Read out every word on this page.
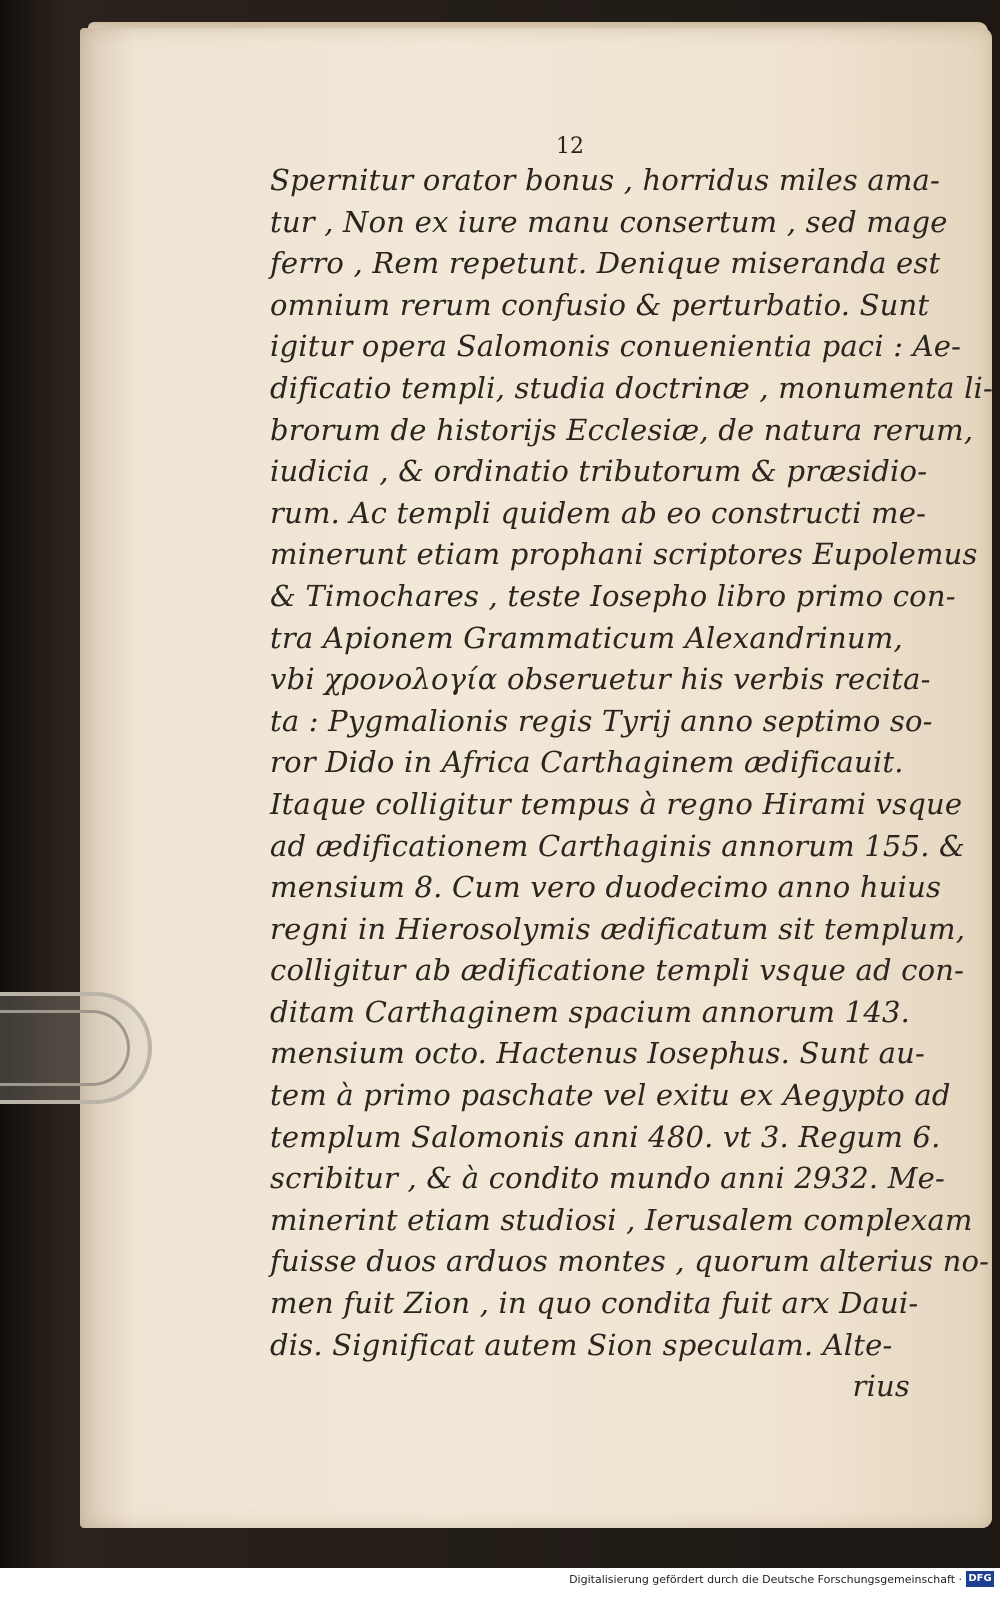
12
Spernitur orator bonus , horridus miles ama-
tur , Non ex iure manu consertum , sed mage
ferro , Rem repetunt. Denique miseranda est
omnium rerum confusio & perturbatio. Sunt
igitur opera Salomonis conuenientia paci : Ae-
dificatio templi, studia doctrinæ , monumenta li-
brorum de historijs Ecclesiæ, de natura rerum,
iudicia , & ordinatio tributorum & præsidio-
rum. Ac templi quidem ab eo constructi me-
minerunt etiam prophani scriptores Eupolemus
& Timochares , teste Iosepho libro primo con-
tra Apionem Grammaticum Alexandrinum,
vbi χρονολογία obseruetur his verbis recita-
ta : Pygmalionis regis Tyrij anno septimo so-
ror Dido in Africa Carthaginem ædificauit.
Itaque colligitur tempus à regno Hirami vsque
ad ædificationem Carthaginis annorum 155. &
mensium 8. Cum vero duodecimo anno huius
regni in Hierosolymis ædificatum sit templum,
colligitur ab ædificatione templi vsque ad con-
ditam Carthaginem spacium annorum 143.
mensium octo. Hactenus Iosephus. Sunt au-
tem à primo paschate vel exitu ex Aegypto ad
templum Salomonis anni 480. vt 3. Regum 6.
scribitur , & à condito mundo anni 2932. Me-
minerint etiam studiosi , Ierusalem complexam
fuisse duos arduos montes , quorum alterius no-
men fuit Zion , in quo condita fuit arx Daui-
dis. Significat autem Sion speculam. Alte-
rius
Digitalisierung gefördert durch die Deutsche Forschungsgemeinschaft · DFG
